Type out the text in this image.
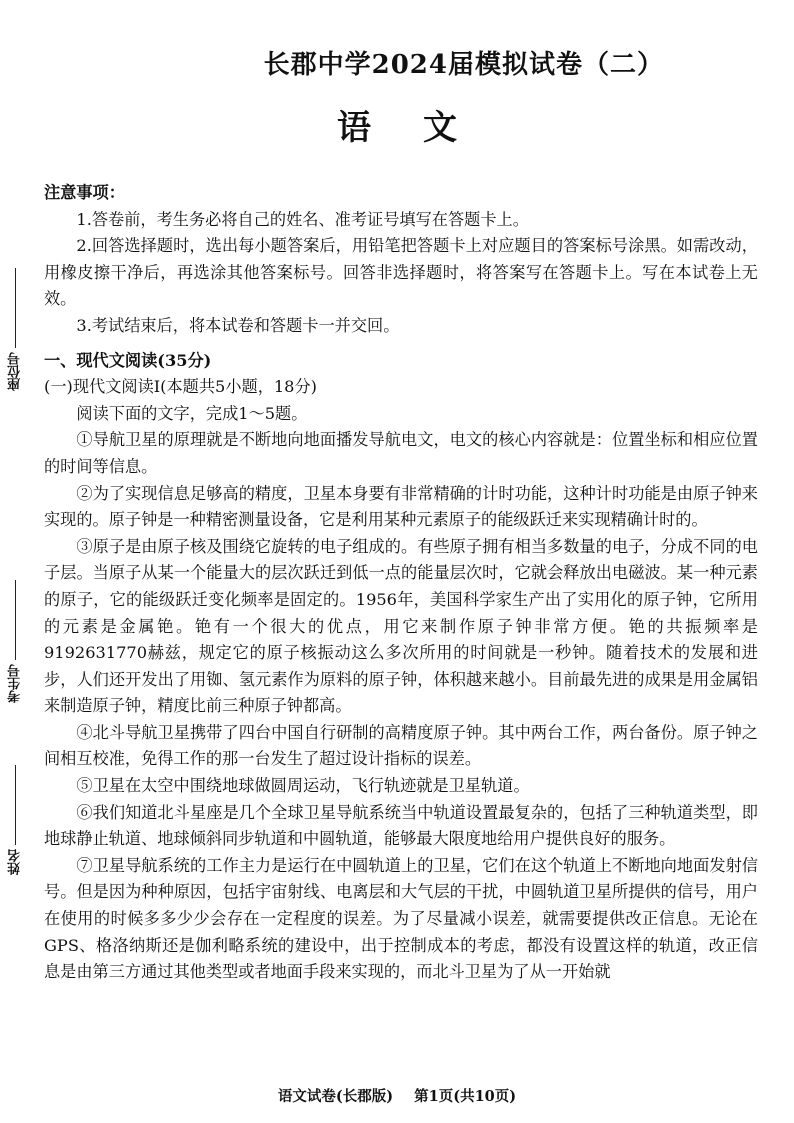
长郡中学2024届模拟试卷（二）
语文
座位号
考生号
姓名

注意事项：

1.答卷前，考生务必将自己的姓名、准考证号填写在答题卡上。

2.回答选择题时，选出每小题答案后，用铅笔把答题卡上对应题目的答案标号涂黑。如需改动，用橡皮擦干净后，再选涂其他答案标号。回答非选择题时，将答案写在答题卡上。写在本试卷上无效。

3.考试结束后，将本试卷和答题卡一并交回。

一、现代文阅读(35分)

(一)现代文阅读Ⅰ(本题共5小题，18分)

阅读下面的文字，完成1～5题。

①导航卫星的原理就是不断地向地面播发导航电文，电文的核心内容就是：位置坐标和相应位置的时间等信息。

②为了实现信息足够高的精度，卫星本身要有非常精确的计时功能，这种计时功能是由原子钟来实现的。原子钟是一种精密测量设备，它是利用某种元素原子的能级跃迁来实现精确计时的。

③原子是由原子核及围绕它旋转的电子组成的。有些原子拥有相当多数量的电子，分成不同的电子层。当原子从某一个能量大的层次跃迁到低一点的能量层次时，它就会释放出电磁波。某一种元素的原子，它的能级跃迁变化频率是固定的。1956年，美国科学家生产出了实用化的原子钟，它所用的元素是金属铯。铯有一个很大的优点，用它来制作原子钟非常方便。铯的共振频率是9192631770赫兹，规定它的原子核振动这么多次所用的时间就是一秒钟。随着技术的发展和进步，人们还开发出了用铷、氢元素作为原料的原子钟，体积越来越小。目前最先进的成果是用金属铝来制造原子钟，精度比前三种原子钟都高。

④北斗导航卫星携带了四台中国自行研制的高精度原子钟。其中两台工作，两台备份。原子钟之间相互校准，免得工作的那一台发生了超过设计指标的误差。

⑤卫星在太空中围绕地球做圆周运动，飞行轨迹就是卫星轨道。

⑥我们知道北斗星座是几个全球卫星导航系统当中轨道设置最复杂的，包括了三种轨道类型，即地球静止轨道、地球倾斜同步轨道和中圆轨道，能够最大限度地给用户提供良好的服务。

⑦卫星导航系统的工作主力是运行在中圆轨道上的卫星，它们在这个轨道上不断地向地面发射信号。但是因为种种原因，包括宇宙射线、电离层和大气层的干扰，中圆轨道卫星所提供的信号，用户在使用的时候多多少少会存在一定程度的误差。为了尽量减小误差，就需要提供改正信息。无论在GPS、格洛纳斯还是伽利略系统的建设中，出于控制成本的考虑，都没有设置这样的轨道，改正信息是由第三方通过其他类型或者地面手段来实现的，而北斗卫星为了从一开始就

语文试卷(长郡版) 第1页(共10页)
